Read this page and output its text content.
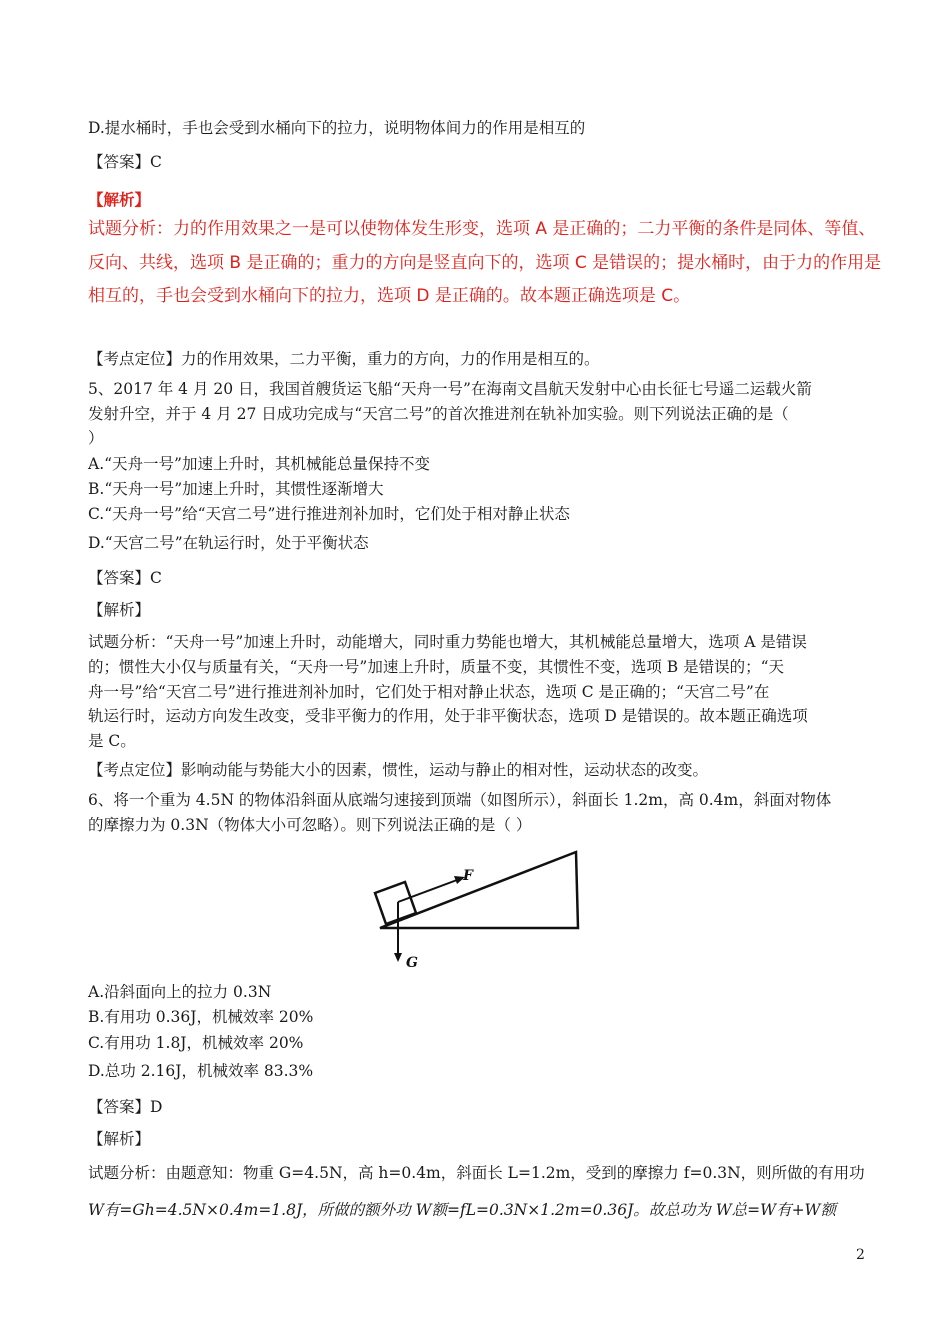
D.提水桶时，手也会受到水桶向下的拉力，说明物体间力的作用是相互的
【答案】C
【解析】
试题分析：力的作用效果之一是可以使物体发生形变，选项 A 是正确的；二力平衡的条件是同体、等值、
反向、共线，选项 B 是正确的；重力的方向是竖直向下的，选项 C 是错误的；提水桶时，由于力的作用是
相互的，手也会受到水桶向下的拉力，选项 D 是正确的。故本题正确选项是 C。
【考点定位】力的作用效果，二力平衡，重力的方向，力的作用是相互的。
5、2017 年 4 月 20 日，我国首艘货运飞船“天舟一号”在海南文昌航天发射中心由长征七号遥二运载火箭
发射升空，并于 4 月 27 日成功完成与“天宫二号”的首次推进剂在轨补加实验。则下列说法正确的是（
）
A.“天舟一号”加速上升时，其机械能总量保持不变
B.“天舟一号”加速上升时，其惯性逐渐增大
C.“天舟一号”给“天宫二号”进行推进剂补加时，它们处于相对静止状态
D.“天宫二号”在轨运行时，处于平衡状态
【答案】C
【解析】
试题分析：“天舟一号”加速上升时，动能增大，同时重力势能也增大，其机械能总量增大，选项 A 是错误
的；惯性大小仅与质量有关，“天舟一号”加速上升时，质量不变，其惯性不变，选项 B 是错误的；“天
舟一号”给“天宫二号”进行推进剂补加时，它们处于相对静止状态，选项 C 是正确的；“天宫二号”在
轨运行时，运动方向发生改变，受非平衡力的作用，处于非平衡状态，选项 D 是错误的。故本题正确选项
是 C。
【考点定位】影响动能与势能大小的因素，惯性，运动与静止的相对性，运动状态的改变。
6、将一个重为 4.5N 的物体沿斜面从底端匀速接到顶端（如图所示），斜面长 1.2m，高 0.4m，斜面对物体
的摩擦力为 0.3N（物体大小可忽略）。则下列说法正确的是（ ）
F
G
A.沿斜面向上的拉力 0.3N
B.有用功 0.36J，机械效率 20%
C.有用功 1.8J，机械效率 20%
D.总功 2.16J，机械效率 83.3%
【答案】D
【解析】
试题分析：由题意知：物重 G=4.5N，高 h=0.4m，斜面长 L=1.2m，受到的摩擦力 f=0.3N，则所做的有用功
W有=Gh=4.5N×0.4m=1.8J，所做的额外功 W额=fL=0.3N×1.2m=0.36J。故总功为 W总=W有+W额
2
